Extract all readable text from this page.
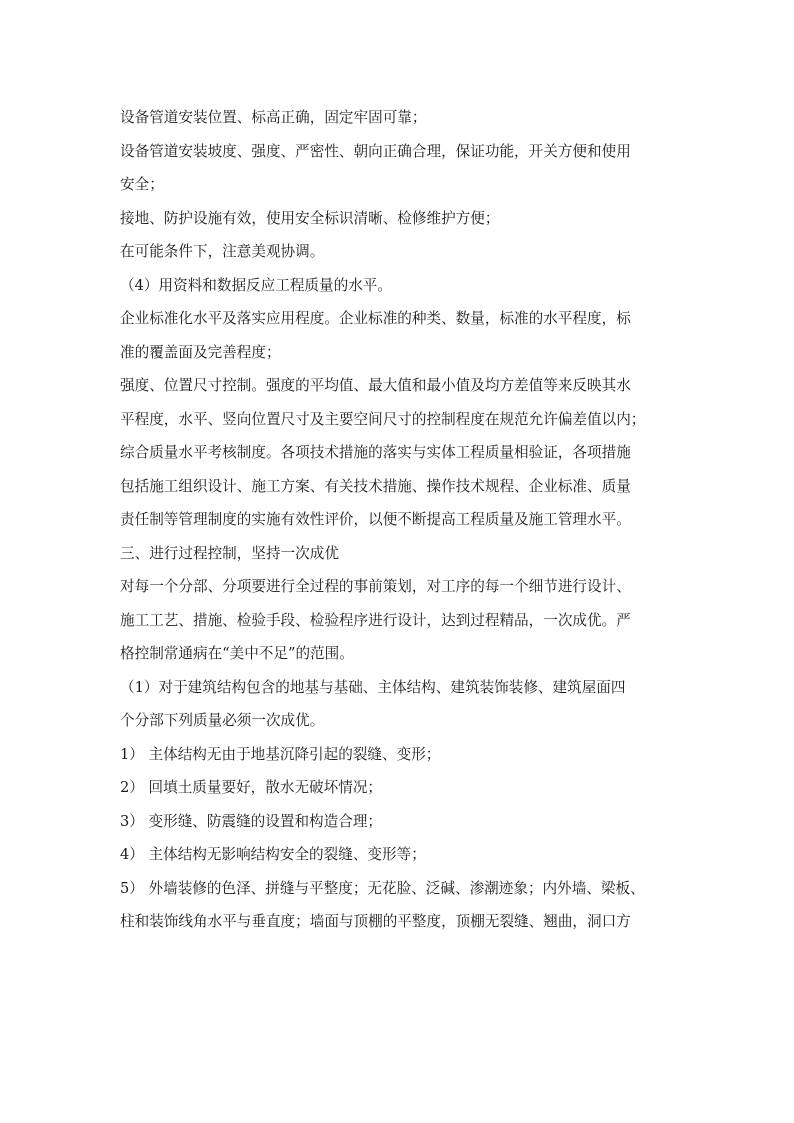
设备管道安装位置、标高正确，固定牢固可靠；
设备管道安装坡度、强度、严密性、朝向正确合理，保证功能，开关方便和使用
安全；
接地、防护设施有效，使用安全标识清晰、检修维护方便；
在可能条件下，注意美观协调。
（4）用资料和数据反应工程质量的水平。
企业标准化水平及落实应用程度。企业标准的种类、数量，标准的水平程度，标
准的覆盖面及完善程度；
强度、位置尺寸控制。强度的平均值、最大值和最小值及均方差值等来反映其水
平程度，水平、竖向位置尺寸及主要空间尺寸的控制程度在规范允许偏差值以内；
综合质量水平考核制度。各项技术措施的落实与实体工程质量相验证，各项措施
包括施工组织设计、施工方案、有关技术措施、操作技术规程、企业标准、质量
责任制等管理制度的实施有效性评价，以便不断提高工程质量及施工管理水平。
三、进行过程控制，坚持一次成优
对每一个分部、分项要进行全过程的事前策划，对工序的每一个细节进行设计、
施工工艺、措施、检验手段、检验程序进行设计，达到过程精品，一次成优。严
格控制常通病在“美中不足”的范围。
（1）对于建筑结构包含的地基与基础、主体结构、建筑装饰装修、建筑屋面四
个分部下列质量必须一次成优。
1） 主体结构无由于地基沉降引起的裂缝、变形；
2） 回填土质量要好，散水无破坏情况；
3） 变形缝、防震缝的设置和构造合理；
4） 主体结构无影响结构安全的裂缝、变形等；
5） 外墙装修的色泽、拼缝与平整度；无花脸、泛碱、渗潮迹象；内外墙、梁板、
柱和装饰线角水平与垂直度；墙面与顶棚的平整度，顶棚无裂缝、翘曲，洞口方
